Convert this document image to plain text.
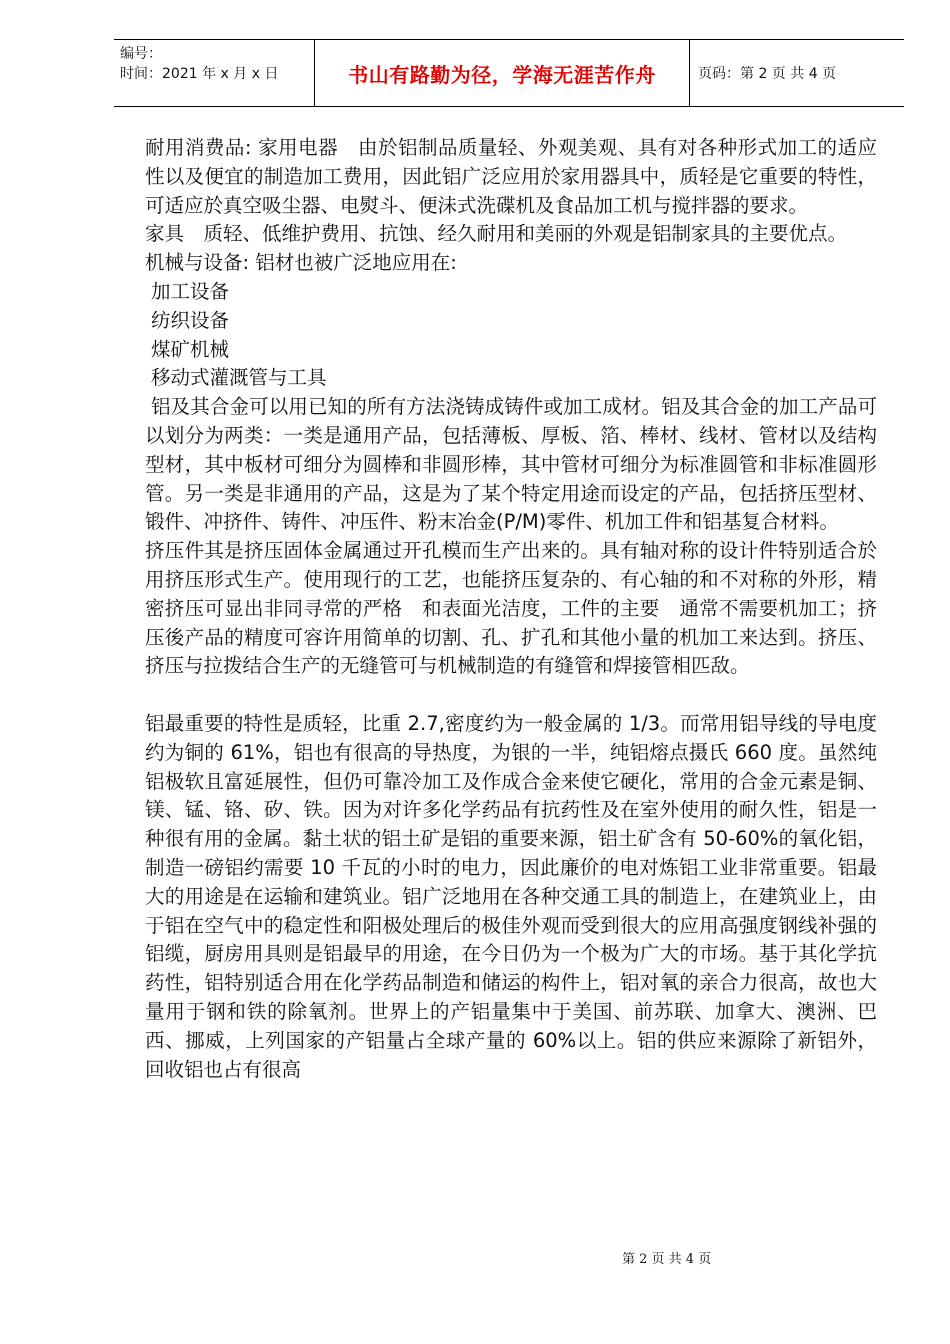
编号：
时间：2021 年 x 月 x 日	书山有路勤为径，学海无涯苦作舟	页码：第 2 页 共 4 页

耐用消费品: 家用电器　由於铝制品质量轻、外观美观、具有对各种形式加工的适应性以及便宜的制造加工费用，因此铝广泛应用於家用器具中，质轻是它重要的特性，可适应於真空吸尘器、电熨斗、便沬式洗碟机及食品加工机与搅拌器的要求。

家具　质轻、低维护费用、抗蚀、经久耐用和美丽的外观是铝制家具的主要优点。

机械与设备: 铝材也被广泛地应用在:

加工设备

纺织设备

煤矿机械

移动式灌溉管与工具

铝及其合金可以用已知的所有方法浇铸成铸件或加工成材。铝及其合金的加工产品可以划分为两类：一类是通用产品，包括薄板、厚板、箔、棒材、线材、管材以及结构型材，其中板材可细分为圆棒和非圆形棒，其中管材可细分为标准圆管和非标准圆形管。另一类是非通用的产品，这是为了某个特定用途而设定的产品，包括挤压型材、锻件、冲挤件、铸件、冲压件、粉末冶金(P/M)零件、机加工件和铝基复合材料。

挤压件其是挤压固体金属通过开孔模而生产出来的。具有轴对称的设计件特别适合於用挤压形式生产。使用现行的工艺，也能挤压复杂的、有心轴的和不对称的外形，精密挤压可显出非同寻常的严格　和表面光洁度，工件的主要　通常不需要机加工；挤压後产品的精度可容许用简单的切割、孔、扩孔和其他小量的机加工来达到。挤压、挤压与拉拨结合生产的无缝管可与机械制造的有缝管和焊接管相匹敌。

铝最重要的特性是质轻，比重 2.7,密度约为一般金属的 1/3。而常用铝导线的导电度约为铜的 61%，铝也有很高的导热度，为银的一半，纯铝熔点摄氏 660 度。虽然纯铝极软且富延展性，但仍可靠冷加工及作成合金来使它硬化，常用的合金元素是铜、镁、锰、铬、矽、铁。因为对许多化学药品有抗药性及在室外使用的耐久性，铝是一种很有用的金属。黏土状的铝土矿是铝的重要来源，铝土矿含有 50-60%的氧化铝，制造一磅铝约需要 10 千瓦的小时的电力，因此廉价的电对炼铝工业非常重要。铝最大的用途是在运输和建筑业。铝广泛地用在各种交通工具的制造上，在建筑业上，由于铝在空气中的稳定性和阳极处理后的极佳外观而受到很大的应用高强度钢线补强的铝缆，厨房用具则是铝最早的用途，在今日仍为一个极为广大的市场。基于其化学抗药性，铝特别适合用在化学药品制造和储运的构件上，铝对氧的亲合力很高，故也大量用于钢和铁的除氧剂。世界上的产铝量集中于美国、前苏联、加拿大、澳洲、巴西、挪威，上列国家的产铝量占全球产量的 60%以上。铝的供应来源除了新铝外，回收铝也占有很高

第 2 页 共 4 页
